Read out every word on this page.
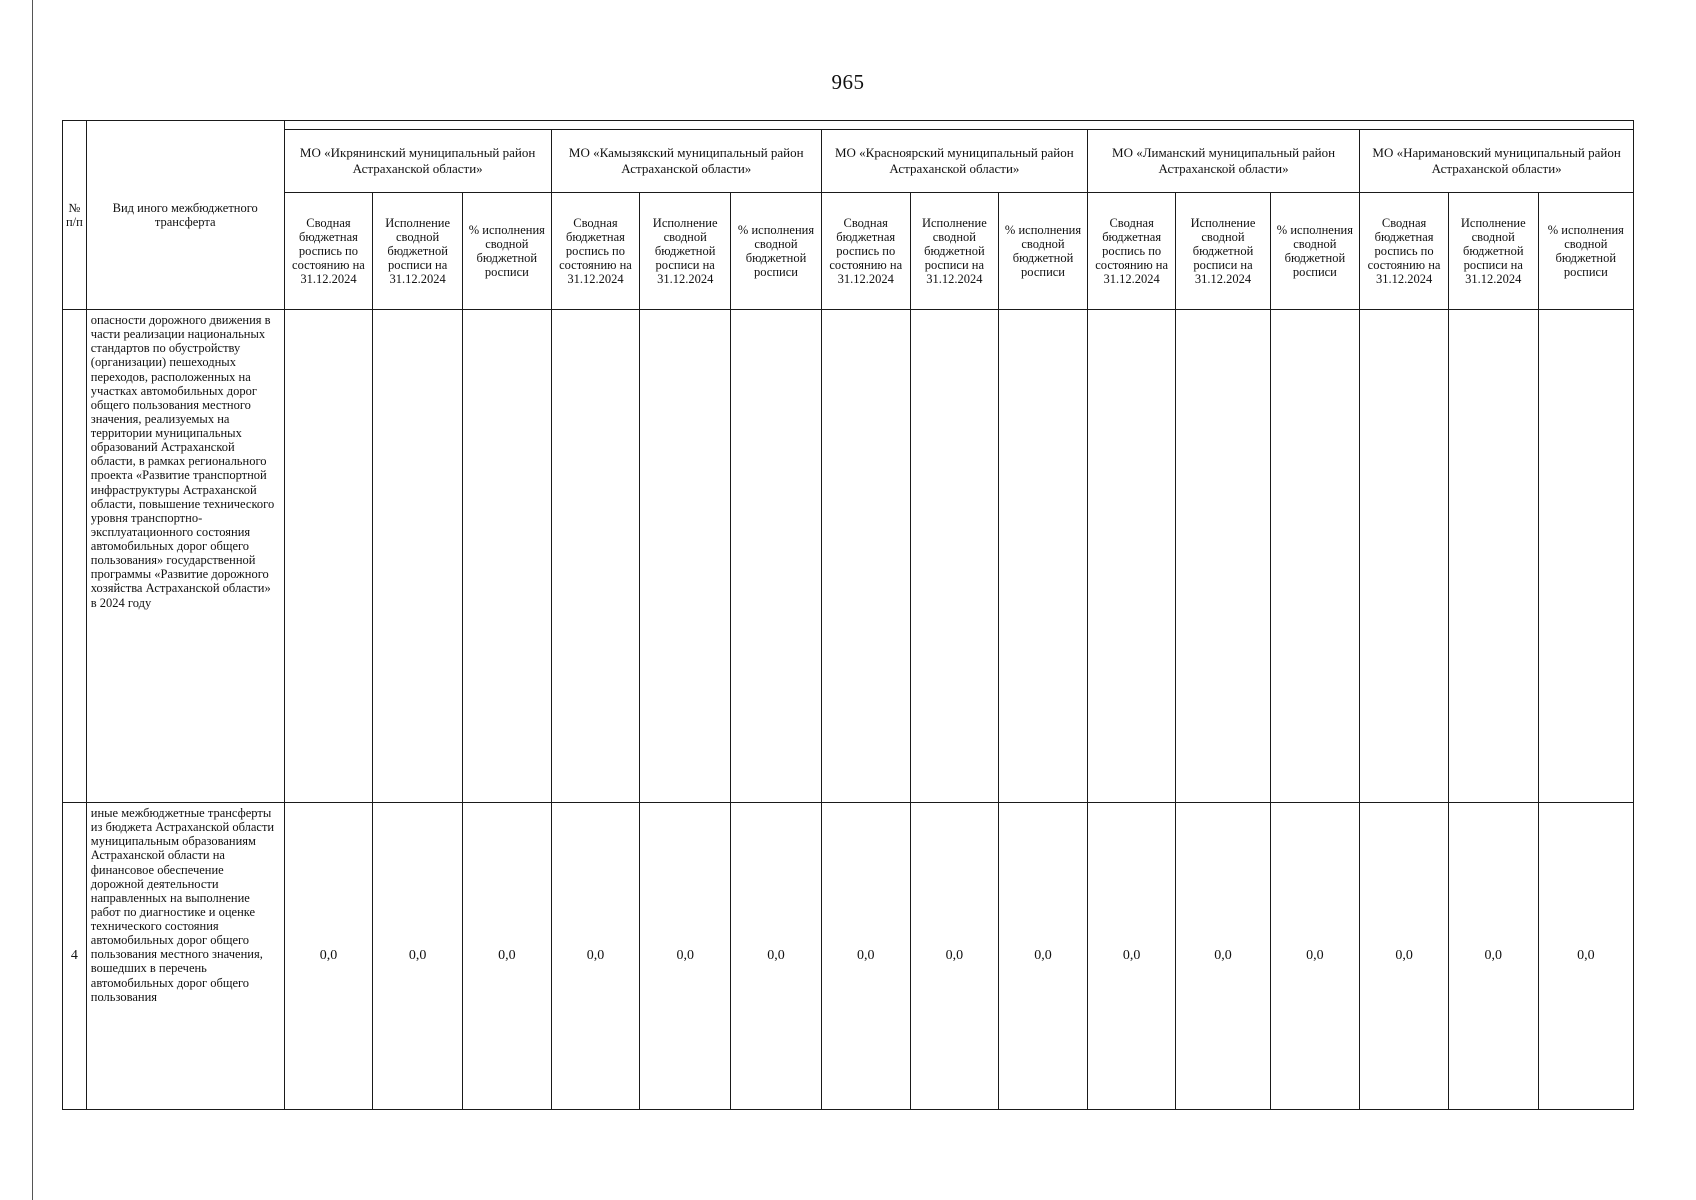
965
№ п/п	Вид иного межбюджетного трансферта															
		МО «Икрянинский муниципальный район Астраханской области»			МО «Камызякский муниципальный район Астраханской области»			МО «Красноярский муниципальный район Астраханской области»			МО «Лиманский муниципальный район Астраханской области»			МО «Наримановский муниципальный район Астраханской области»		
		Сводная бюджетная роспись по состоянию на 31.12.2024	Исполнение сводной бюджетной росписи на 31.12.2024	% исполнения сводной бюджетной росписи	Сводная бюджетная роспись по состоянию на 31.12.2024	Исполнение сводной бюджетной росписи на 31.12.2024	% исполнения сводной бюджетной росписи	Сводная бюджетная роспись по состоянию на 31.12.2024	Исполнение сводной бюджетной росписи на 31.12.2024	% исполнения сводной бюджетной росписи	Сводная бюджетная роспись по состоянию на 31.12.2024	Исполнение сводной бюджетной росписи на 31.12.2024	% исполнения сводной бюджетной росписи	Сводная бюджетная роспись по состоянию на 31.12.2024	Исполнение сводной бюджетной росписи на 31.12.2024	% исполнения сводной бюджетной росписи
	опасности дорожного движения в части реализации национальных стандартов по обустройству (организации) пешеходных переходов, расположенных на участках автомобильных дорог общего пользования местного значения, реализуемых на территории муниципальных образований Астраханской области, в рамках регионального проекта «Развитие транспортной инфраструктуры Астраханской области, повышение технического уровня транспортно-эксплуатационного состояния автомобильных дорог общего пользования» государственной программы «Развитие дорожного хозяйства Астраханской области» в 2024 году															
4	иные межбюджетные трансферты из бюджета Астраханской области муниципальным образованиям Астраханской области на финансовое обеспечение дорожной деятельности направленных на выполнение работ по диагностике и оценке технического состояния автомобильных дорог общего пользования местного значения, вошедших в перечень автомобильных дорог общего пользования	0,0	0,0	0,0	0,0	0,0	0,0	0,0	0,0	0,0	0,0	0,0	0,0	0,0	0,0	0,0
